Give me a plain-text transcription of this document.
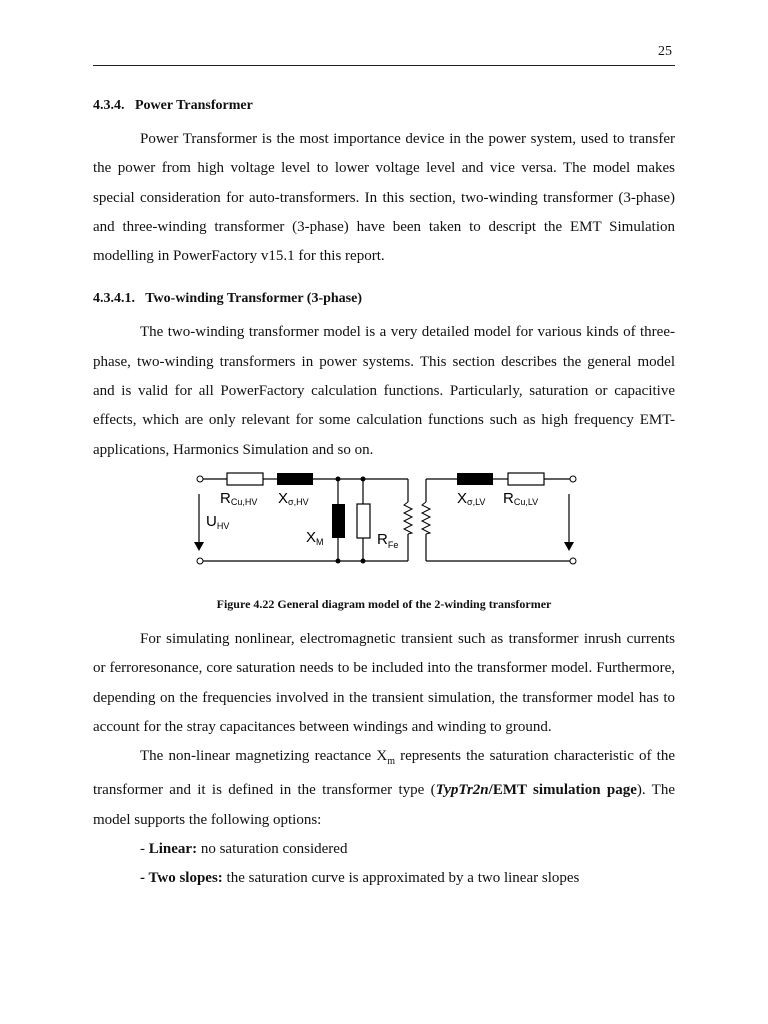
25

4.3.4. Power Transformer

Power Transformer is the most importance device in the power system, used to transfer the power from high voltage level to lower voltage level and vice versa. The model makes special consideration for auto-transformers. In this section, two-winding transformer (3-phase) and three-winding transformer (3-phase) have been taken to descript the EMT Simulation modelling in PowerFactory v15.1 for this report.

4.3.4.1. Two-winding Transformer (3-phase)

The two-winding transformer model is a very detailed model for various kinds of three-phase, two-winding transformers in power systems. This section describes the general model and is valid for all PowerFactory calculation functions. Particularly, saturation or capacitive effects, which are only relevant for some calculation functions such as high frequency EMT-applications, Harmonics Simulation and so on.

RCu,HV Xσ,HV
$U_{HV}$
$X_M$	$R_{Fe}$
Xσ,LV RCu,LV

Figure 4.22 General diagram model of the 2-winding transformer

For simulating nonlinear, electromagnetic transient such as transformer inrush currents or ferroresonance, core saturation needs to be included into the transformer model. Furthermore, depending on the frequencies involved in the transient simulation, the transformer model has to account for the stray capacitances between windings and winding to ground.

The non-linear magnetizing reactance $X_m$ represents the saturation characteristic of the transformer and it is defined in the transformer type (TypTr2n/EMT simulation page). The model supports the following options:

- Linear: no saturation considered

- Two slopes: the saturation curve is approximated by a two linear slopes
